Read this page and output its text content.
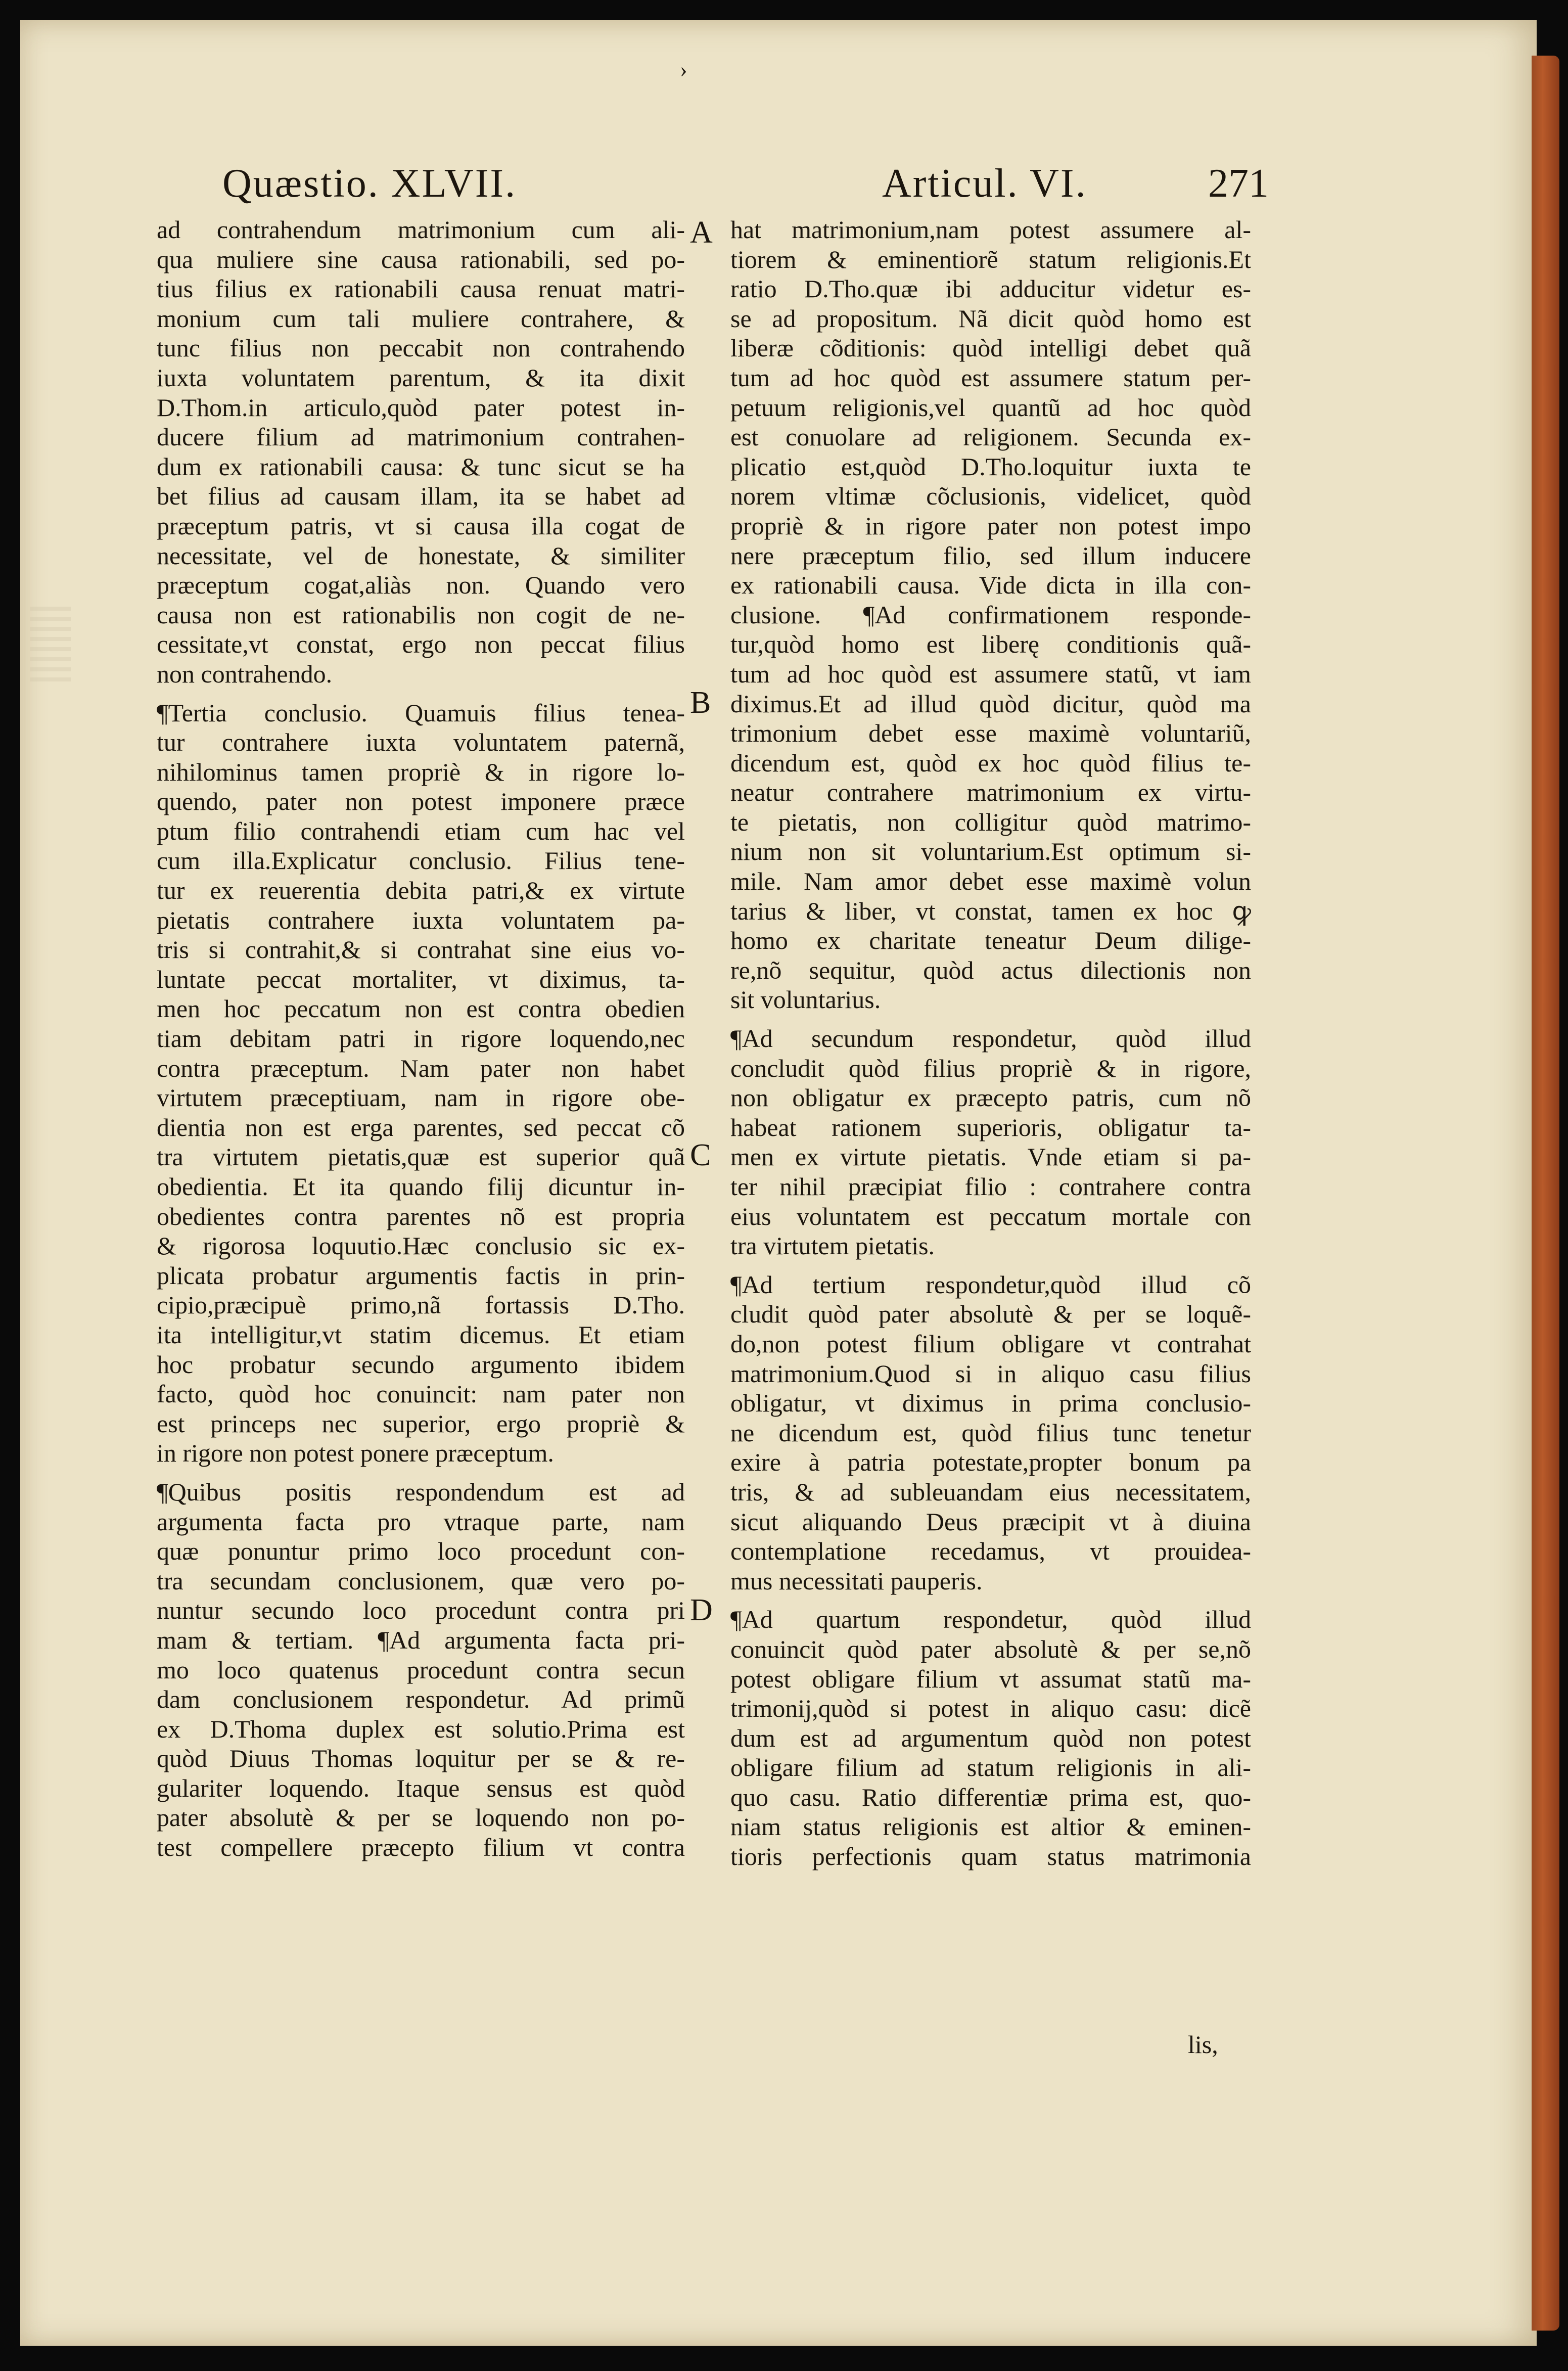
›
Quæstio. XLVII.	Articul. VI.	271
A
B
C
D
ad contrahendum matrimonium cum ali-
qua muliere sine causa rationabili, sed po-
tius filius ex rationabili causa renuat matri-
monium cum tali muliere contrahere, &
tunc filius non peccabit non contrahendo
iuxta voluntatem parentum, & ita dixit
D.Thom.in articulo,quòd pater potest in-
ducere filium ad matrimonium contrahen-
dum ex rationabili causa: & tunc sicut se ha
bet filius ad causam illam, ita se habet ad
præceptum patris, vt si causa illa cogat de
necessitate, vel de honestate, & similiter
præceptum cogat,aliàs non. Quando vero
causa non est rationabilis non cogit de ne-
cessitate,vt constat, ergo non peccat filius
non contrahendo.
¶Tertia conclusio. Quamuis filius tenea-
tur contrahere iuxta voluntatem paternã,
nihilominus tamen propriè & in rigore lo-
quendo, pater non potest imponere præce
ptum filio contrahendi etiam cum hac vel
cum illa.Explicatur conclusio. Filius tene-
tur ex reuerentia debita patri,& ex virtute
pietatis contrahere iuxta voluntatem pa-
tris si contrahit,& si contrahat sine eius vo-
luntate peccat mortaliter, vt diximus, ta-
men hoc peccatum non est contra obedien
tiam debitam patri in rigore loquendo,nec
contra præceptum. Nam pater non habet
virtutem præceptiuam, nam in rigore obe-
dientia non est erga parentes, sed peccat cõ
tra virtutem pietatis,quæ est superior quã
obedientia. Et ita quando filij dicuntur in-
obedientes contra parentes nõ est propria
& rigorosa loquutio.Hæc conclusio sic ex-
plicata probatur argumentis factis in prin-
cipio,præcipuè primo,nã fortassis D.Tho.
ita intelligitur,vt statim dicemus. Et etiam
hoc probatur secundo argumento ibidem
facto, quòd hoc conuincit: nam pater non
est princeps nec superior, ergo propriè &
in rigore non potest ponere præceptum.
¶Quibus positis respondendum est ad
argumenta facta pro vtraque parte, nam
quæ ponuntur primo loco procedunt con-
tra secundam conclusionem, quæ vero po-
nuntur secundo loco procedunt contra pri
mam & tertiam. ¶Ad argumenta facta pri-
mo loco quatenus procedunt contra secun
dam conclusionem respondetur. Ad primũ
ex D.Thoma duplex est solutio.Prima est
quòd Diuus Thomas loquitur per se & re-
gulariter loquendo. Itaque sensus est quòd
pater absolutè & per se loquendo non po-
test compellere præcepto filium vt contra
hat matrimonium,nam potest assumere al-
tiorem & eminentiorẽ statum religionis.Et
ratio D.Tho.quæ ibi adducitur videtur es-
se ad propositum. Nã dicit quòd homo est
liberæ cõditionis: quòd intelligi debet quã
tum ad hoc quòd est assumere statum per-
petuum religionis,vel quantũ ad hoc quòd
est conuolare ad religionem. Secunda ex-
plicatio est,quòd D.Tho.loquitur iuxta te
norem vltimæ cõclusionis, videlicet, quòd
propriè & in rigore pater non potest impo
nere præceptum filio, sed illum inducere
ex rationabili causa. Vide dicta in illa con-
clusione. ¶Ad confirmationem responde-
tur,quòd homo est liberę conditionis quã-
tum ad hoc quòd est assumere statũ, vt iam
diximus.Et ad illud quòd dicitur, quòd ma
trimonium debet esse maximè voluntariũ,
dicendum est, quòd ex hoc quòd filius te-
neatur contrahere matrimonium ex virtu-
te pietatis, non colligitur quòd matrimo-
nium non sit voluntarium.Est optimum si-
mile. Nam amor debet esse maximè volun
tarius & liber, vt constat, tamen ex hoc ꝙ
homo ex charitate teneatur Deum dilige-
re,nõ sequitur, quòd actus dilectionis non
sit voluntarius.
¶Ad secundum respondetur, quòd illud
concludit quòd filius propriè & in rigore,
non obligatur ex præcepto patris, cum nõ
habeat rationem superioris, obligatur ta-
men ex virtute pietatis. Vnde etiam si pa-
ter nihil præcipiat filio : contrahere contra
eius voluntatem est peccatum mortale con
tra virtutem pietatis.
¶Ad tertium respondetur,quòd illud cõ
cludit quòd pater absolutè & per se loquẽ-
do,non potest filium obligare vt contrahat
matrimonium.Quod si in aliquo casu filius
obligatur, vt diximus in prima conclusio-
ne dicendum est, quòd filius tunc tenetur
exire à patria potestate,propter bonum pa
tris, & ad subleuandam eius necessitatem,
sicut aliquando Deus præcipit vt à diuina
contemplatione recedamus, vt prouidea-
mus necessitati pauperis.
¶Ad quartum respondetur, quòd illud
conuincit quòd pater absolutè & per se,nõ
potest obligare filium vt assumat statũ ma-
trimonij,quòd si potest in aliquo casu: dicẽ
dum est ad argumentum quòd non potest
obligare filium ad statum religionis in ali-
quo casu. Ratio differentiæ prima est, quo-
niam status religionis est altior & eminen-
tioris perfectionis quam status matrimonia
lis,
